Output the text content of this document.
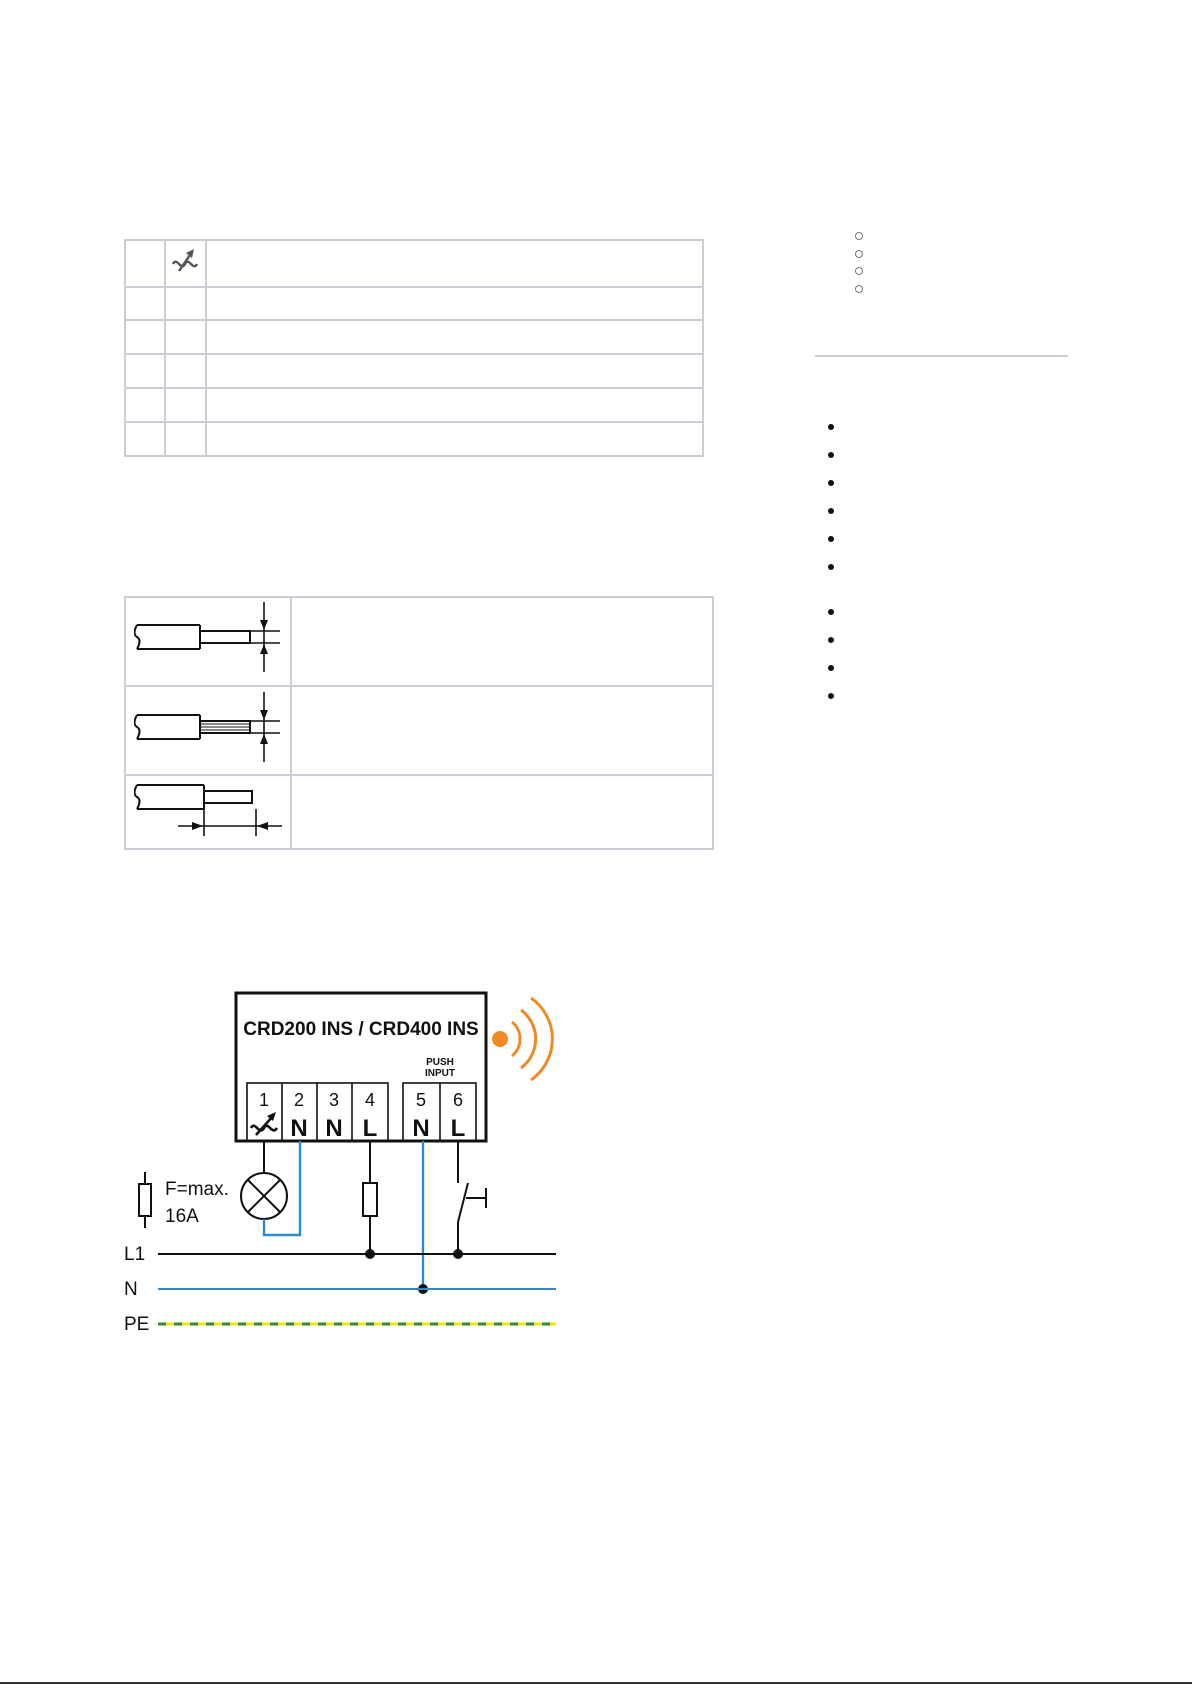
CRD200 INS / CRD400 INS
PUSH
INPUT
1 2 3 4 5 6
N N L N L
F=max.
16A
L1
N
PE
